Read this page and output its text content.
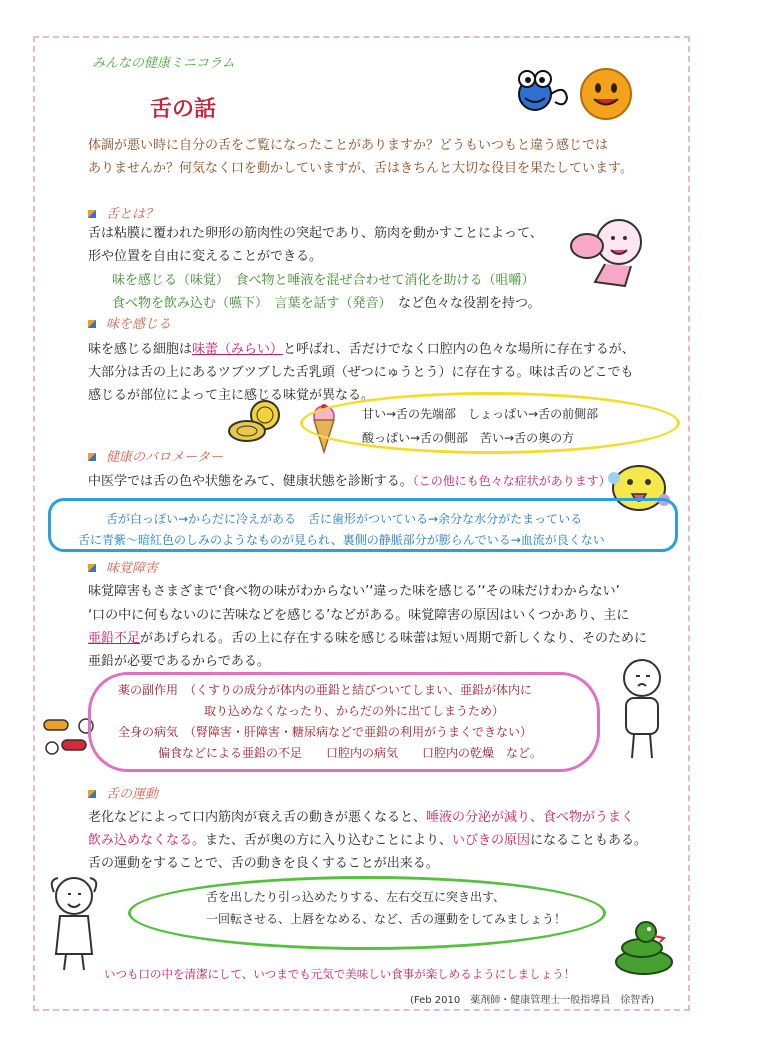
みんなの健康ミニコラム
舌の話
体調が悪い時に自分の舌をご覧になったことがありますか？どうもいつもと違う感じでは
ありませんか？何気なく口を動かしていますが、舌はきちんと大切な役目を果たしています。
舌とは？
舌は粘膜に覆われた卵形の筋肉性の突起であり、筋肉を動かすことによって、
形や位置を自由に変えることができる。
味を感じる（味覚）　食べ物と唾液を混ぜ合わせて消化を助ける（咀嚼）
食べ物を飲み込む（嚥下）　言葉を話す（発音）　など色々な役割を持つ。
味を感じる
味を感じる細胞は味蕾（みらい）と呼ばれ、舌だけでなく口腔内の色々な場所に存在するが、
大部分は舌の上にあるツブツブした舌乳頭（ぜつにゅうとう）に存在する。味は舌のどこでも
感じるが部位によって主に感じる味覚が異なる。
甘い→舌の先端部　しょっぱい→舌の前側部
酸っぱい→舌の側部　苦い→舌の奥の方
健康のバロメーター
中医学では舌の色や状態をみて、健康状態を診断する。（この他にも色々な症状があります）
舌が白っぽい→からだに冷えがある　舌に歯形がついている→余分な水分がたまっている
舌に青紫～暗紅色のしみのようなものが見られ、裏側の静脈部分が膨らんでいる→血流が良くない
味覚障害
味覚障害もさまざまで‘食べ物の味がわからない’‘違った味を感じる’‘その味だけわからない’
‘口の中に何もないのに苦味などを感じる’などがある。味覚障害の原因はいくつかあり、主に
亜鉛不足があげられる。舌の上に存在する味を感じる味蕾は短い周期で新しくなり、そのために
亜鉛が必要であるからである。
薬の副作用　（くすりの成分が体内の亜鉛と結びついてしまい、亜鉛が体内に
取り込めなくなったり、からだの外に出てしまうため）
全身の病気　（腎障害・肝障害・糖尿病などで亜鉛の利用がうまくできない）
偏食などによる亜鉛の不足　　口腔内の病気　　口腔内の乾燥　など。
舌の運動
老化などによって口内筋肉が衰え舌の動きが悪くなると、唾液の分泌が減り、食べ物がうまく
飲み込めなくなる。また、舌が奥の方に入り込むことにより、いびきの原因になることもある。
舌の運動をすることで、舌の動きを良くすることが出来る。
舌を出したり引っ込めたりする、左右交互に突き出す、
一回転させる、上唇をなめる、など、舌の運動をしてみましょう！
いつも口の中を清潔にして、いつまでも元気で美味しい食事が楽しめるようにしましょう！
(Feb 2010　薬剤師・健康管理士一般指導員　徐智香)
